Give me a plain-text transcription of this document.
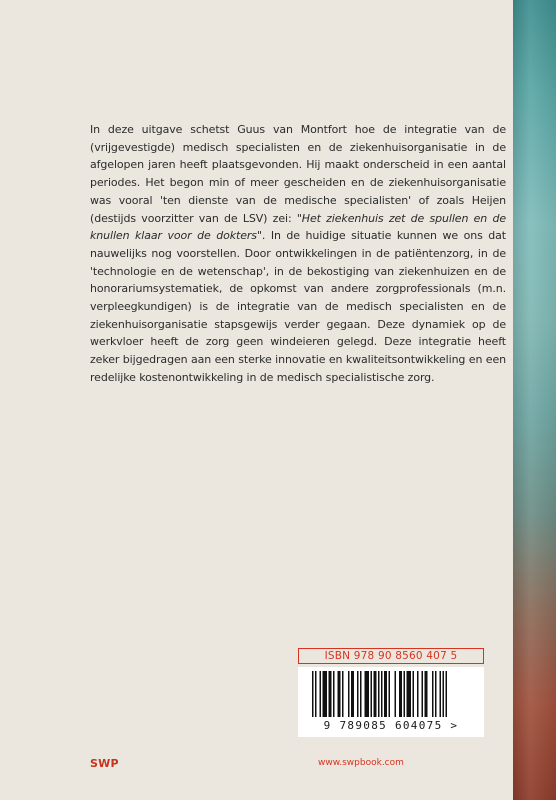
In deze uitgave schetst Guus van Montfort hoe de integratie van de (vrijgevestigde) medisch specialisten en de ziekenhuisorganisatie in de afgelopen jaren heeft plaatsgevonden. Hij maakt onderscheid in een aantal periodes. Het begon min of meer gescheiden en de ziekenhuisorganisatie was vooral 'ten dienste van de medische specialisten' of zoals Heijen (destijds voorzitter van de LSV) zei: "Het ziekenhuis zet de spullen en de knullen klaar voor de dokters". In de huidige situatie kunnen we ons dat nauwelijks nog voorstellen. Door ontwikkelingen in de patiëntenzorg, in de 'technologie en de wetenschap', in de bekostiging van ziekenhuizen en de honorariumsystematiek, de opkomst van andere zorgprofessionals (m.n. verpleegkundigen) is de integratie van de medisch specialisten en de ziekenhuisorganisatie stapsgewijs verder gegaan. Deze dynamiek op de werkvloer heeft de zorg geen windeieren gelegd. Deze integratie heeft zeker bijgedragen aan een sterke innovatie en kwaliteitsontwikkeling en een redelijke kostenontwikkeling in de medisch specialistische zorg.

ISBN 978 90 8560 407 5
9 789085 604075 >
SWP	www.swpbook.com
